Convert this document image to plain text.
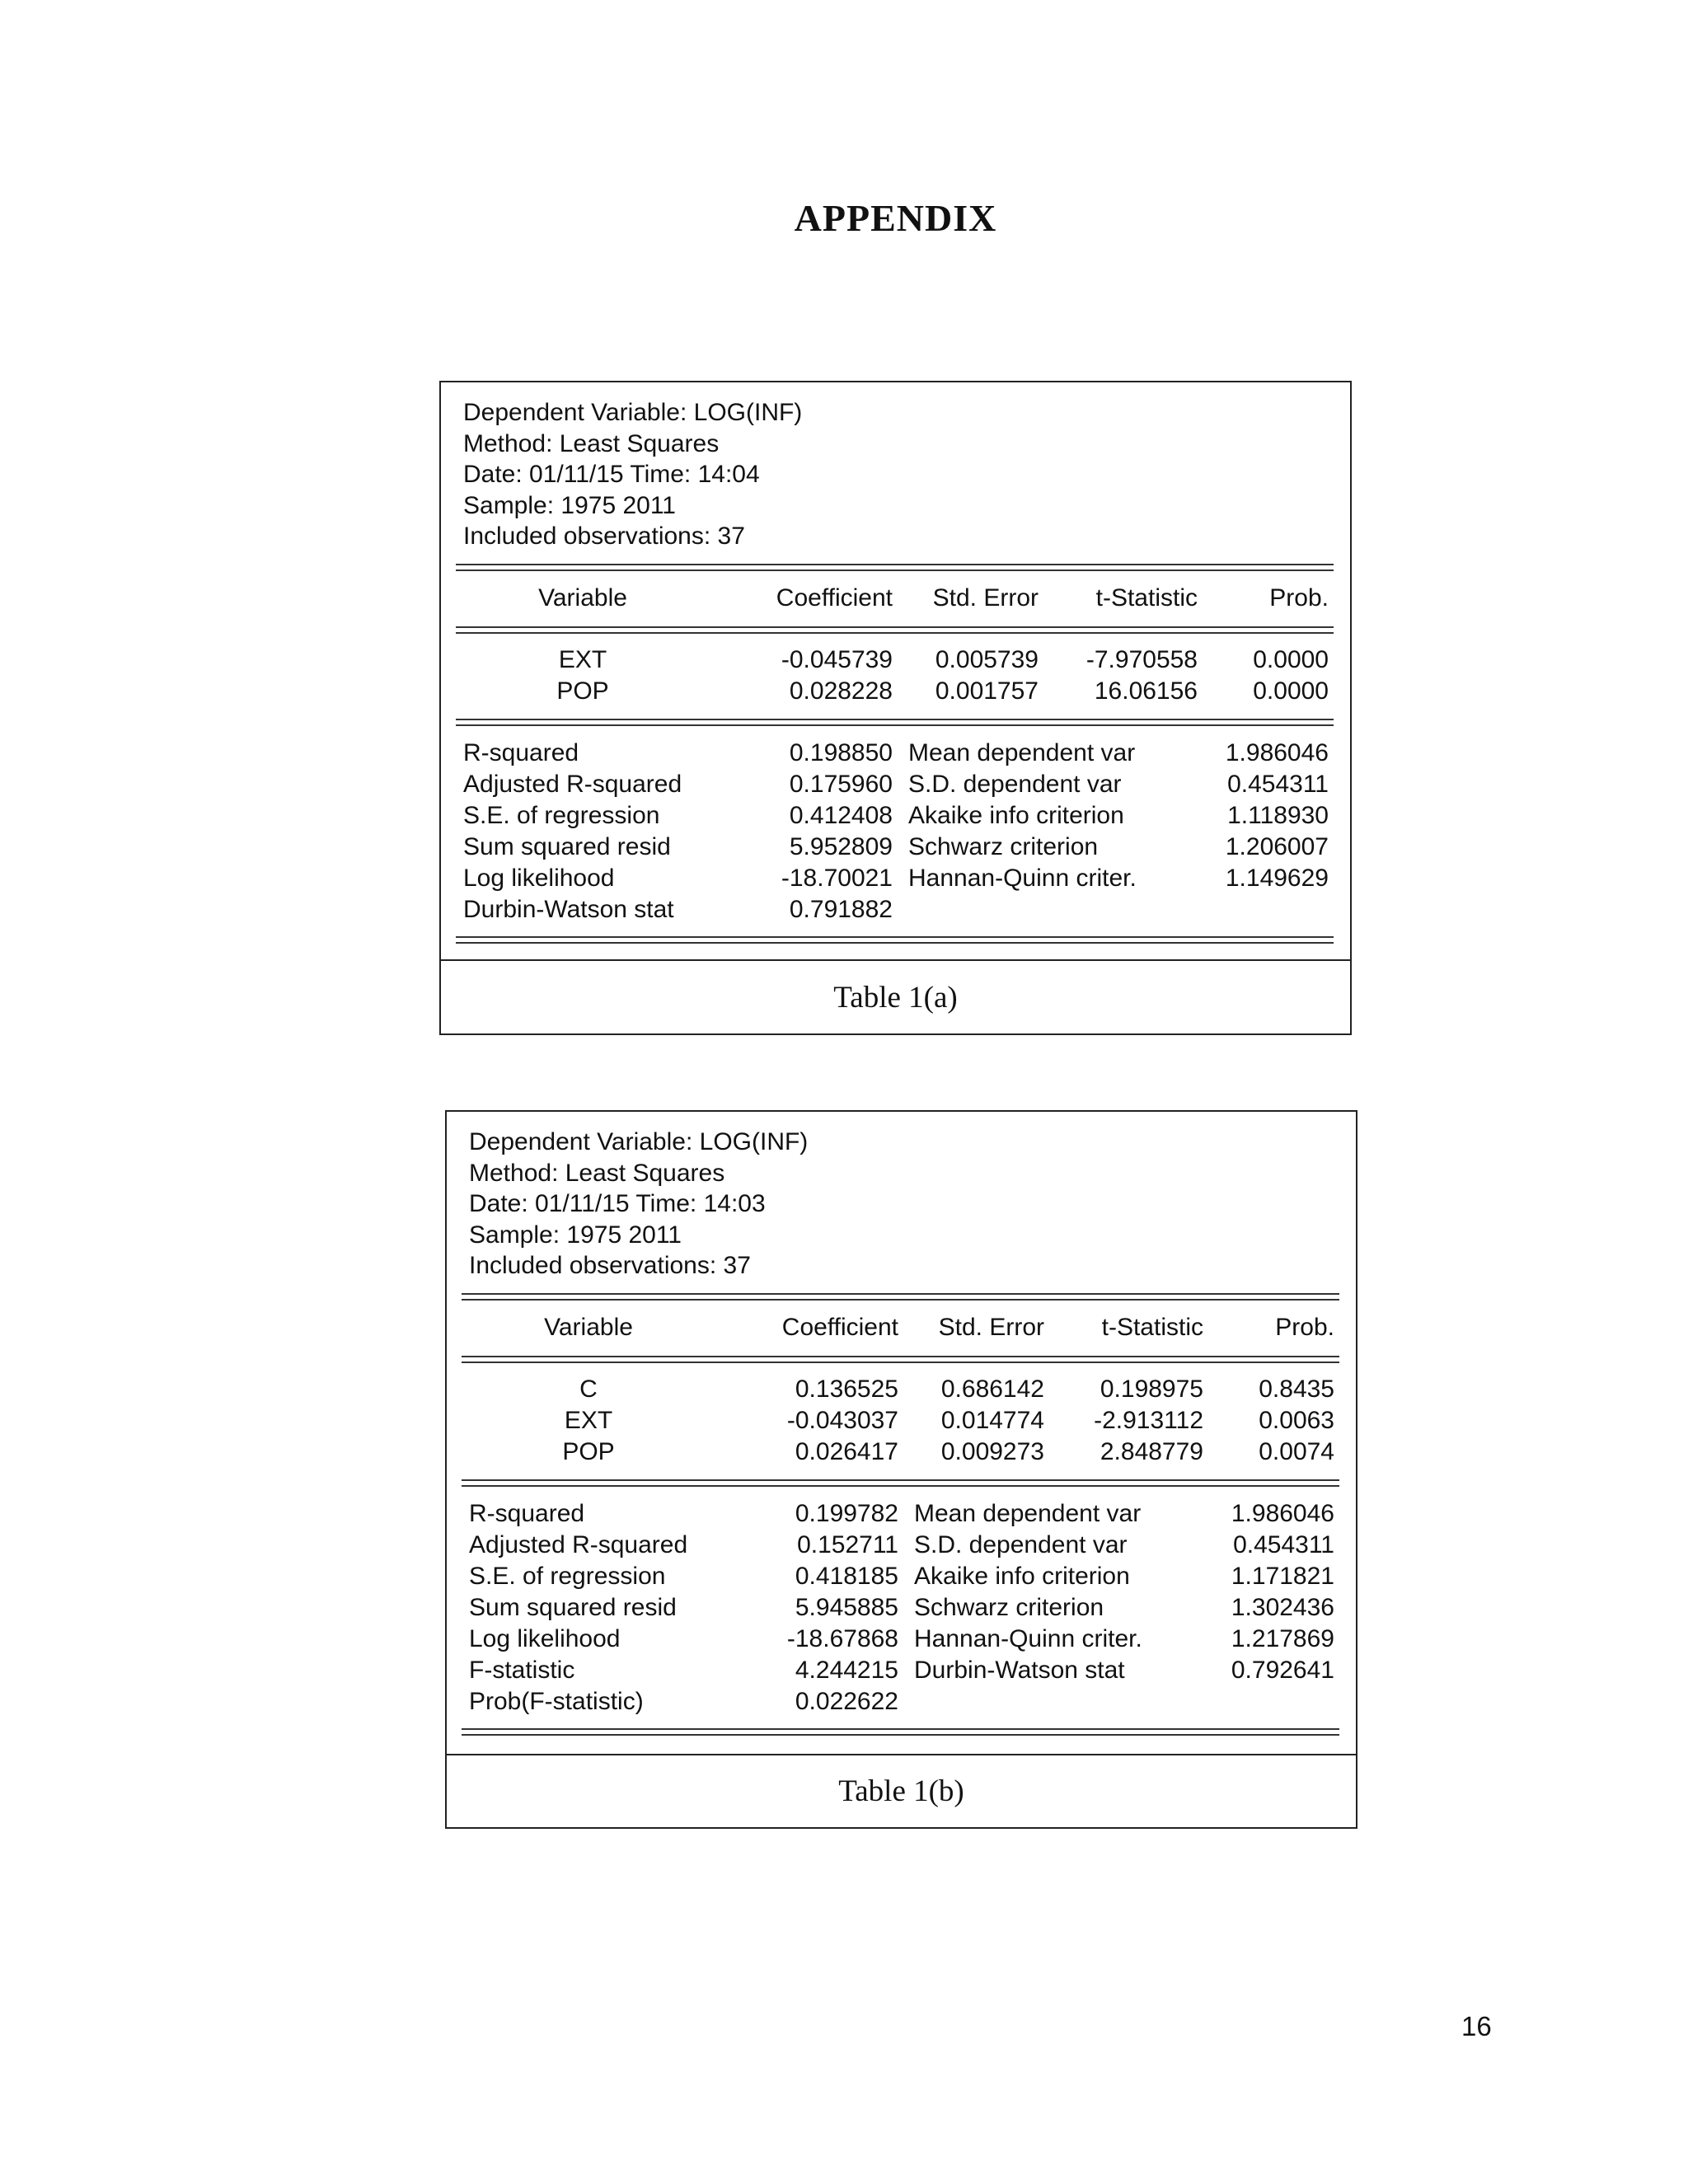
APPENDIX
Dependent Variable: LOG(INF)
Method: Least Squares
Date: 01/11/15 Time: 14:04
Sample: 1975 2011
Included observations: 37
Variable	Coefficient Std. Error t-Statistic	Prob.
EXT	-0.045739 0.005739 -7.970558 0.0000
POP	0.028228 0.001757 16.06156 0.0000
R-squared	0.198850 Mean dependent var	1.986046
Adjusted R-squared	0.175960 S.D. dependent var	0.454311
S.E. of regression	0.412408 Akaike info criterion	1.118930
Sum squared resid	5.952809 Schwarz criterion	1.206007
Log likelihood	-18.70021 Hannan-Quinn criter.	1.149629
Durbin-Watson stat	0.791882
Table 1(a)
Dependent Variable: LOG(INF)
Method: Least Squares
Date: 01/11/15 Time: 14:03
Sample: 1975 2011
Included observations: 37
Variable	Coefficient Std. Error t-Statistic	Prob.
C	0.136525 0.686142 0.198975 0.8435
EXT	-0.043037 0.014774 -2.913112 0.0063
POP	0.026417 0.009273 2.848779 0.0074
R-squared	0.199782 Mean dependent var	1.986046
Adjusted R-squared	0.152711 S.D. dependent var	0.454311
S.E. of regression	0.418185 Akaike info criterion	1.171821
Sum squared resid	5.945885 Schwarz criterion	1.302436
Log likelihood	-18.67868 Hannan-Quinn criter.	1.217869
F-statistic	4.244215 Durbin-Watson stat	0.792641
Prob(F-statistic)	0.022622
Table 1(b)
16
